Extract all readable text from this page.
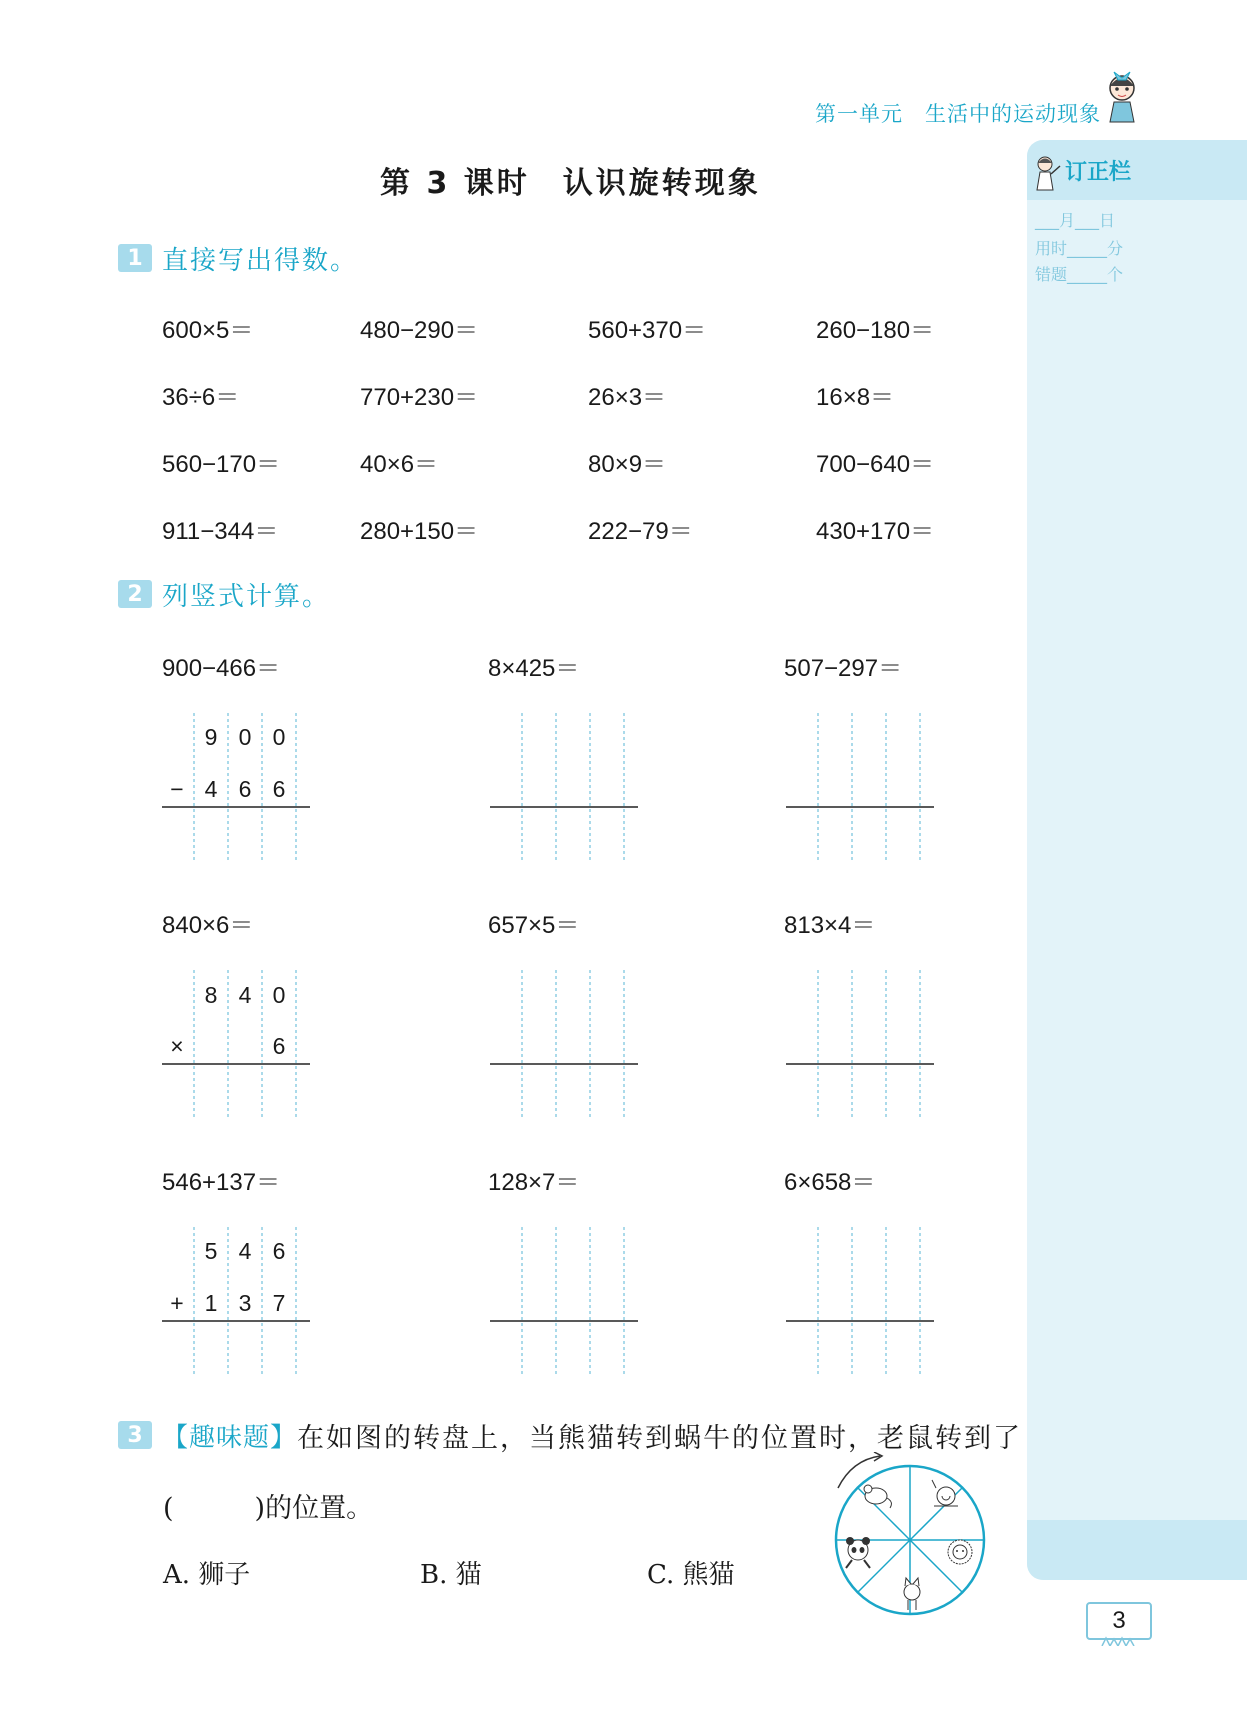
第一单元　生活中的运动现象
第 3 课时　认识旋转现象	订正栏
___月___日
用时_____分
错题_____个
1 直接写出得数。
600×5＝	480−290＝	560+370＝	260−180＝
36÷6＝	770+230＝	26×3＝	16×8＝
560−170＝	40×6＝	80×9＝	700−640＝
911−344＝	280+150＝	222−79＝	430+170＝
2 列竖式计算。
900−466＝	8×425＝	507−297＝
840×6＝	657×5＝	813×4＝
546+137＝	128×7＝	6×658＝
9 0 0
− 4 6 6
8 4 0
×	6
5 4 6
+ 1 3 7
3 【趣味题】 在如图的转盘上，当熊猫转到蜗牛的位置时，老鼠转到了
(　　　)的位置。
A. 狮子	B. 猫	C. 熊猫
3
